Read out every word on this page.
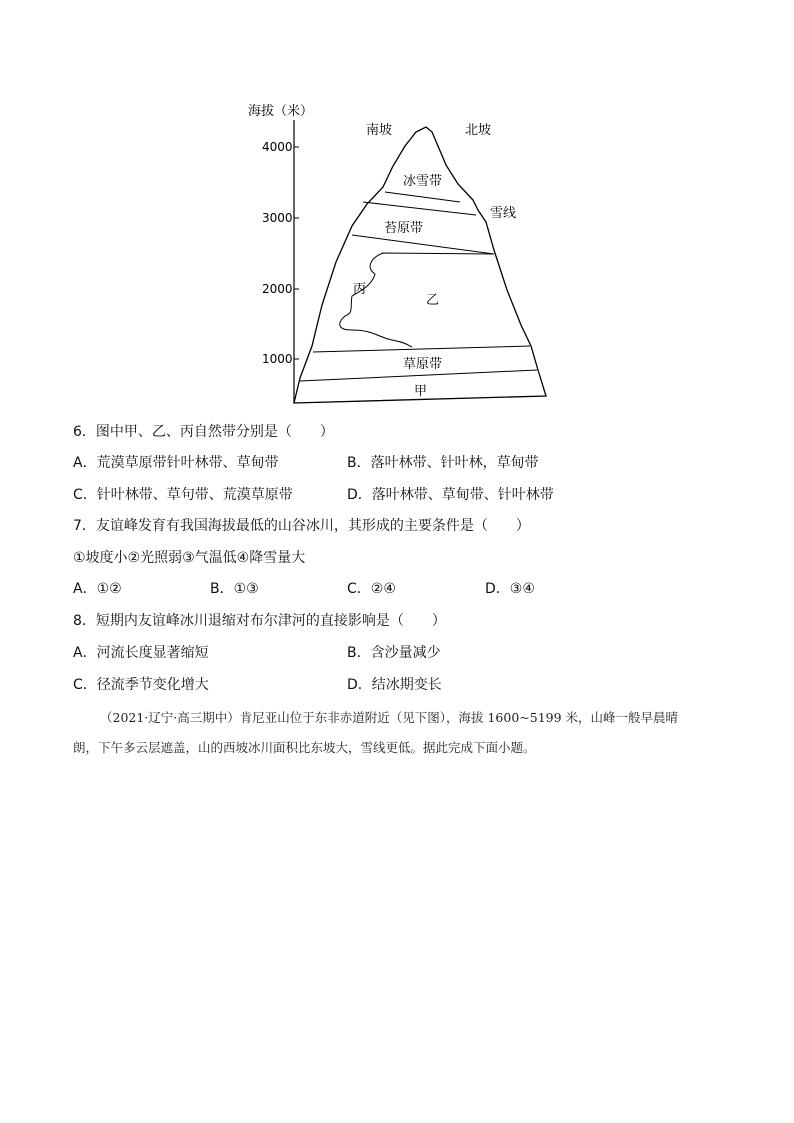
海拔（米）
4000
3000
2000
1000
南坡	北坡
冰雪带
雪线
苔原带
丙
乙
草原带
甲
6．图中甲、乙、丙自然带分别是（　　）
A．荒漠草原带针叶林带、草甸带	B．落叶林带、针叶林，草甸带
C．针叶林带、草句带、荒漠草原带	D．落叶林带、草甸带、针叶林带
7．友谊峰发育有我国海拔最低的山谷冰川，其形成的主要条件是（　　）
①坡度小②光照弱③气温低④降雪量大
A．①②	B．①③	C．②④	D．③④
8．短期内友谊峰冰川退缩对布尔津河的直接影响是（　　）
A．河流长度显著缩短	B．含沙量减少
C．径流季节变化增大	D．结冰期变长
（2021·辽宁·高三期中）肯尼亚山位于东非赤道附近（见下图），海拔 1600~5199 米，山峰一般早晨晴
朗，下午多云层遮盖，山的西坡冰川面积比东坡大，雪线更低。据此完成下面小题。
